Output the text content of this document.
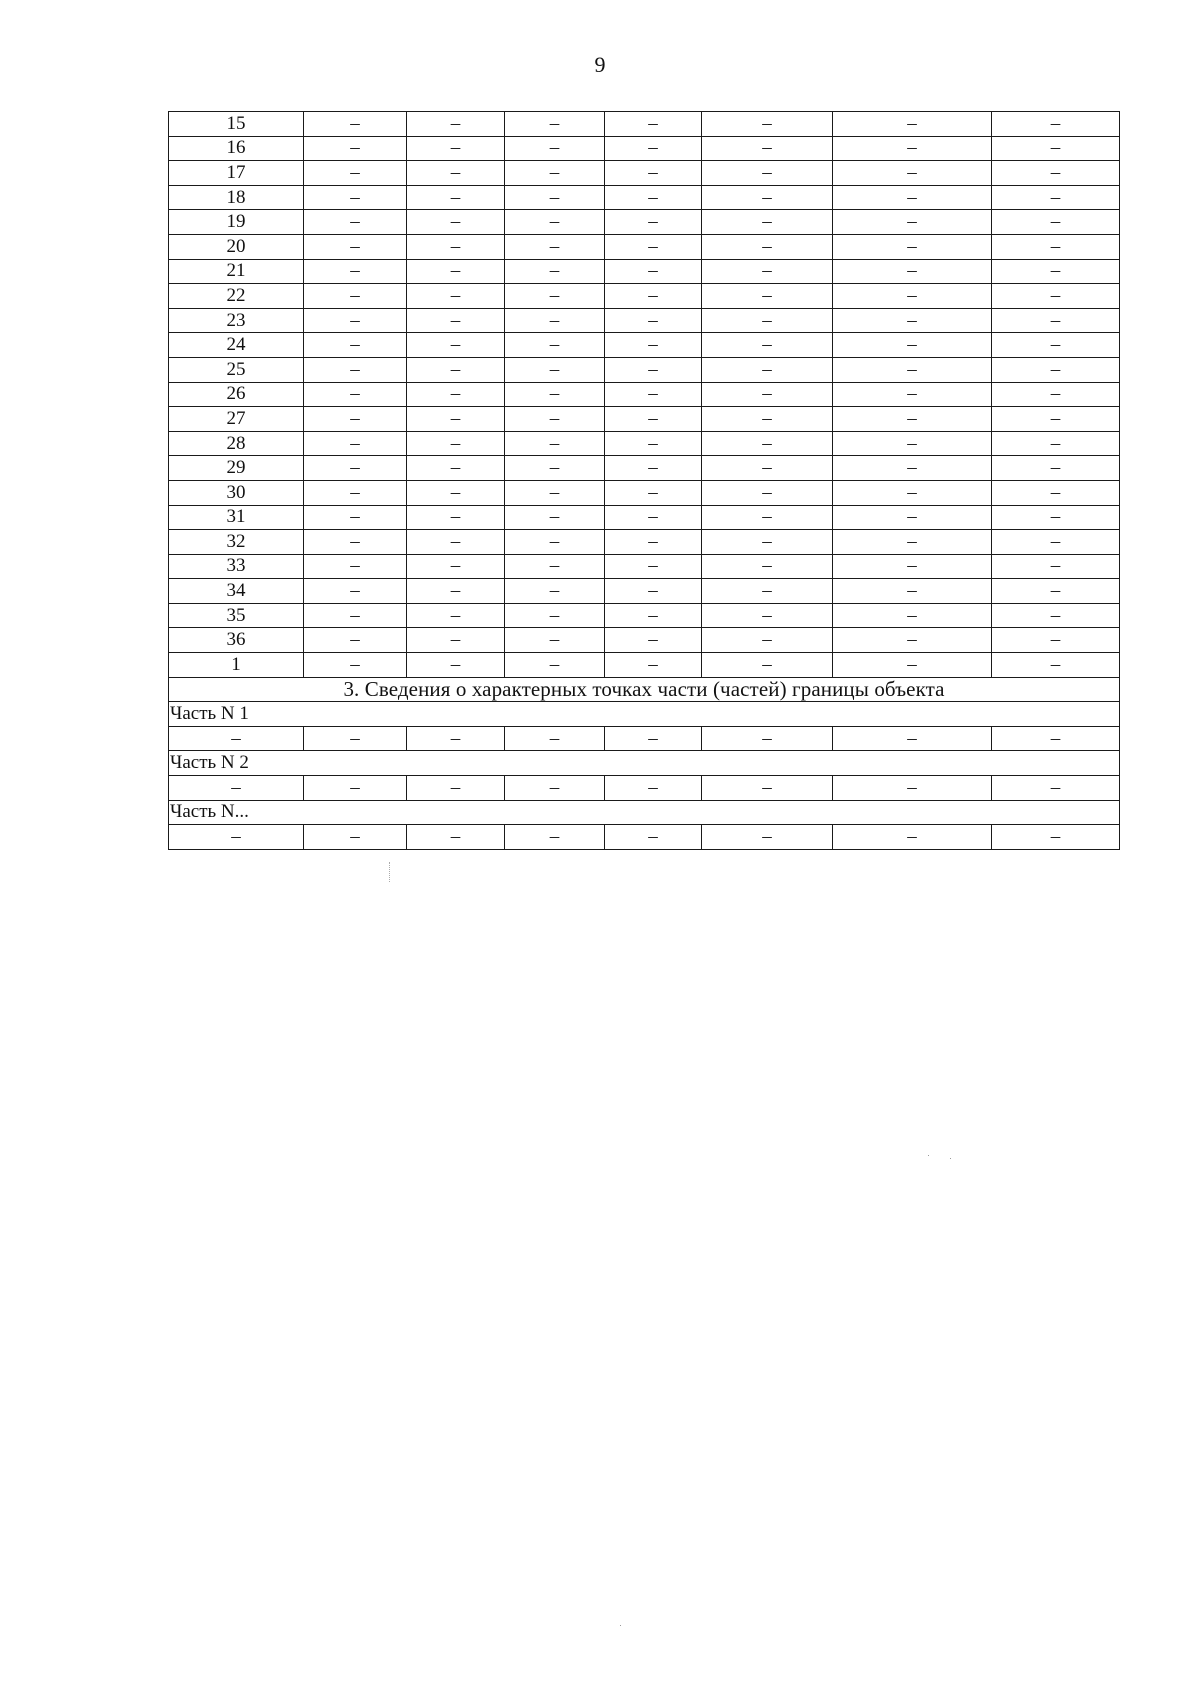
9
15	–	–	–	–	–	–	–
16	–	–	–	–	–	–	–
17	–	–	–	–	–	–	–
18	–	–	–	–	–	–	–
19	–	–	–	–	–	–	–
20	–	–	–	–	–	–	–
21	–	–	–	–	–	–	–
22	–	–	–	–	–	–	–
23	–	–	–	–	–	–	–
24	–	–	–	–	–	–	–
25	–	–	–	–	–	–	–
26	–	–	–	–	–	–	–
27	–	–	–	–	–	–	–
28	–	–	–	–	–	–	–
29	–	–	–	–	–	–	–
30	–	–	–	–	–	–	–
31	–	–	–	–	–	–	–
32	–	–	–	–	–	–	–
33	–	–	–	–	–	–	–
34	–	–	–	–	–	–	–
35	–	–	–	–	–	–	–
36	–	–	–	–	–	–	–
1	–	–	–	–	–	–	–
3. Сведения о характерных точках части (частей) границы объекта							
Часть N 1							
–	–	–	–	–	–	–	–
Часть N 2							
–	–	–	–	–	–	–	–
Часть N...							
–	–	–	–	–	–	–	–
